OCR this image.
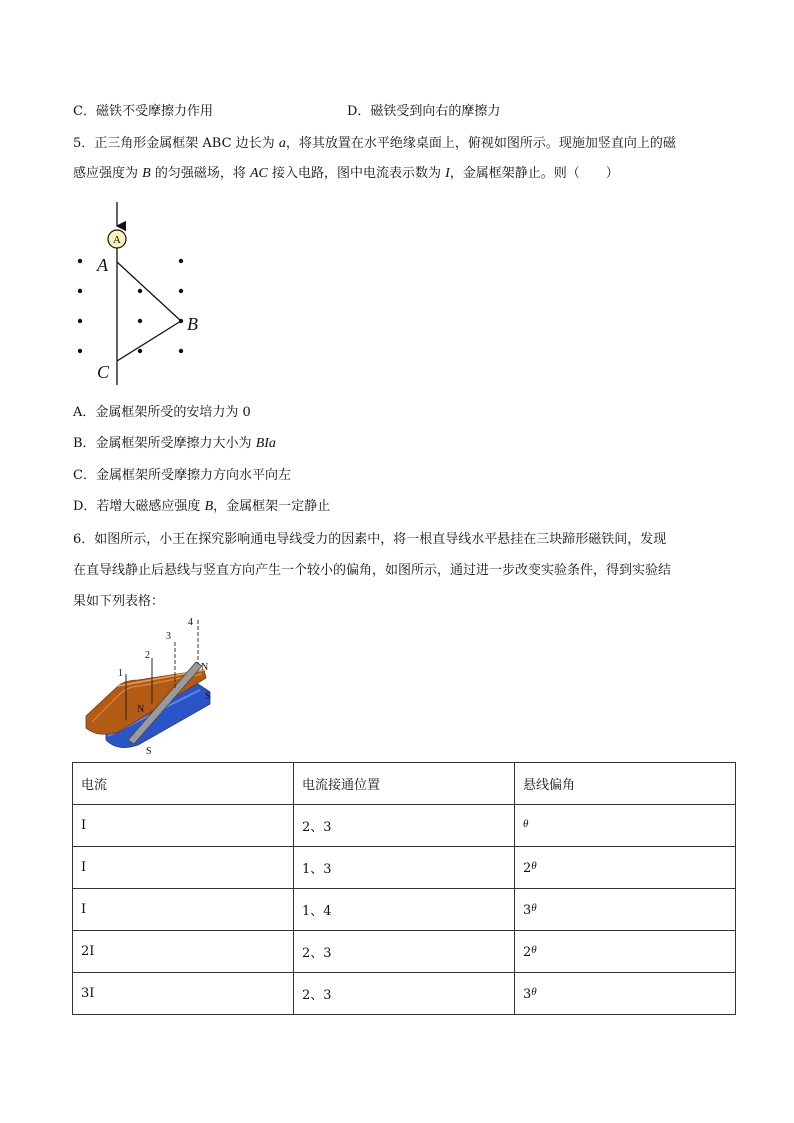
C．磁铁不受摩擦力作用	D．磁铁受到向右的摩擦力
5．正三角形金属框架 ABC 边长为 a，将其放置在水平绝缘桌面上，俯视如图所示。现施加竖直向上的磁
感应强度为 B 的匀强磁场，将 AC 接入电路，图中电流表示数为 I，金属框架静止。则（　　）
A
A
B
C
A．金属框架所受的安培力为 0
B．金属框架所受摩擦力大小为 BIa
C．金属框架所受摩擦力方向水平向左
D．若增大磁感应强度 B，金属框架一定静止
6．如图所示，小王在探究影响通电导线受力的因素中，将一根直导线水平悬挂在三块蹄形磁铁间，发现
在直导线静止后悬线与竖直方向产生一个较小的偏角，如图所示，通过进一步改变实验条件，得到实验结
果如下列表格：
1
2
3
4
N
N
S
S
电流	电流接通位置	悬线偏角
I	2、3	$^\theta$
I	1、3	$2^\theta$
I	1、4	$3^\theta$
2I	2、3	$2^\theta$
3I	2、3	$3^\theta$
